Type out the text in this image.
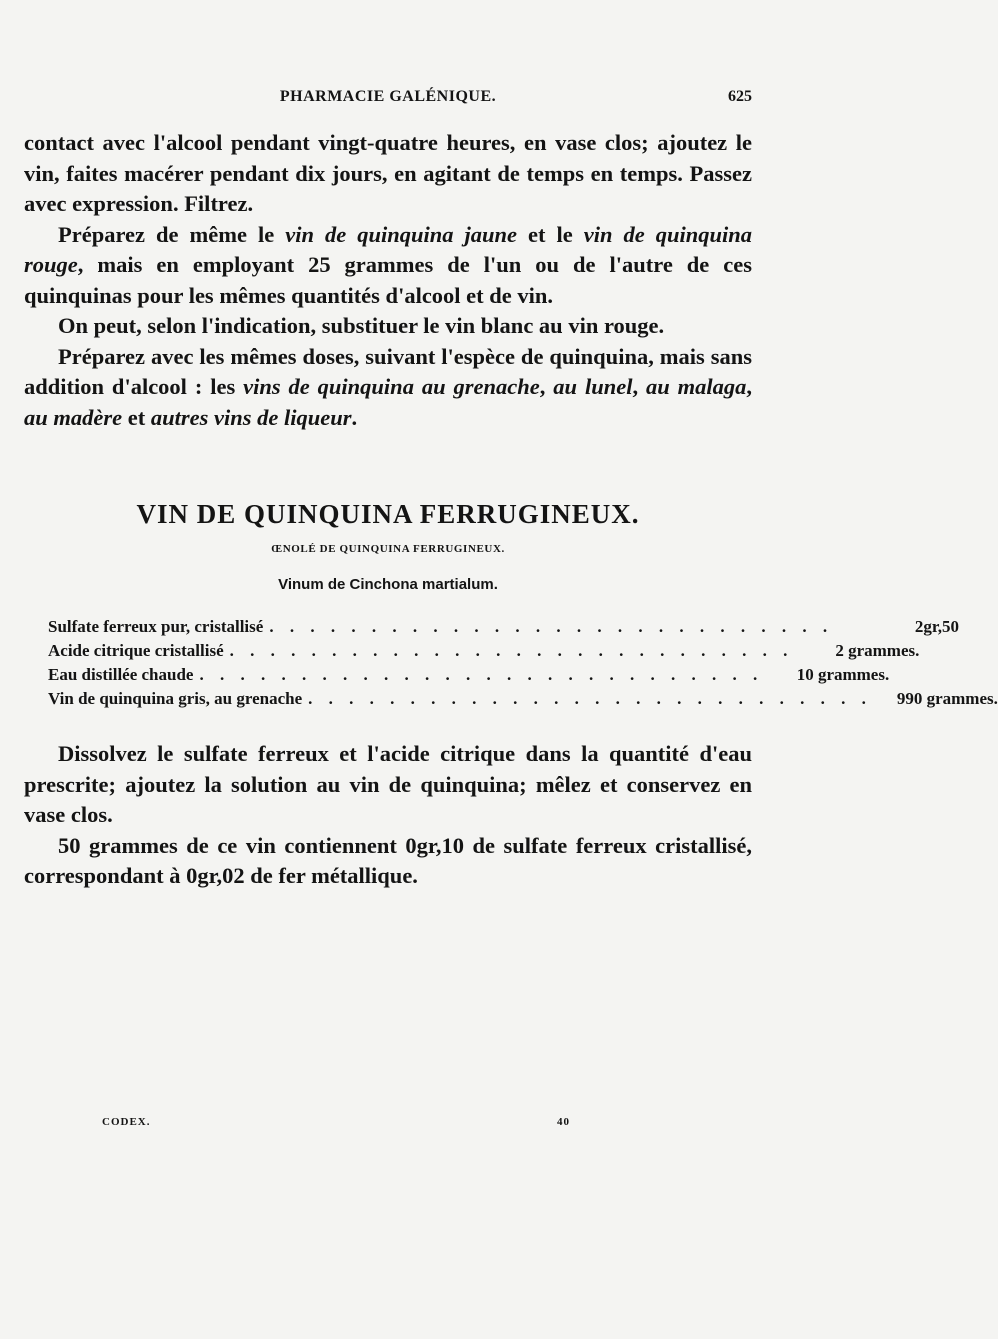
PHARMACIE GALÉNIQUE.	625

contact avec l'alcool pendant vingt-quatre heures, en vase clos; ajoutez le vin, faites macérer pendant dix jours, en agitant de temps en temps. Passez avec expression. Filtrez.

Préparez de même le vin de quinquina jaune et le vin de quinquina rouge, mais en employant 25 grammes de l'un ou de l'autre de ces quinquinas pour les mêmes quantités d'alcool et de vin.

On peut, selon l'indication, substituer le vin blanc au vin rouge.

Préparez avec les mêmes doses, suivant l'espèce de quinquina, mais sans addition d'alcool : les vins de quinquina au grenache, au lunel, au malaga, au madère et autres vins de liqueur.

VIN DE QUINQUINA FERRUGINEUX.
ŒNOLÉ DE QUINQUINA FERRUGINEUX.
Vinum de Cinchona martialum.
Sulfate ferreux pur, cristallisé . . . . . . . . . . . . . . . . . . . . . . . . . . . .	2gr,50
Acide citrique cristallisé . . . . . . . . . . . . . . . . . . . . . . . . . . . .	2 grammes.
Eau distillée chaude . . . . . . . . . . . . . . . . . . . . . . . . . . . .	10 grammes.
Vin de quinquina gris, au grenache . . . . . . . . . . . . . . . . . . . . . . . . . . . .	990 grammes.

Dissolvez le sulfate ferreux et l'acide citrique dans la quantité d'eau prescrite; ajoutez la solution au vin de quinquina; mêlez et conservez en vase clos.

50 grammes de ce vin contiennent 0gr,10 de sulfate ferreux cristallisé, correspondant à 0gr,02 de fer métallique.

CODEX.	40
